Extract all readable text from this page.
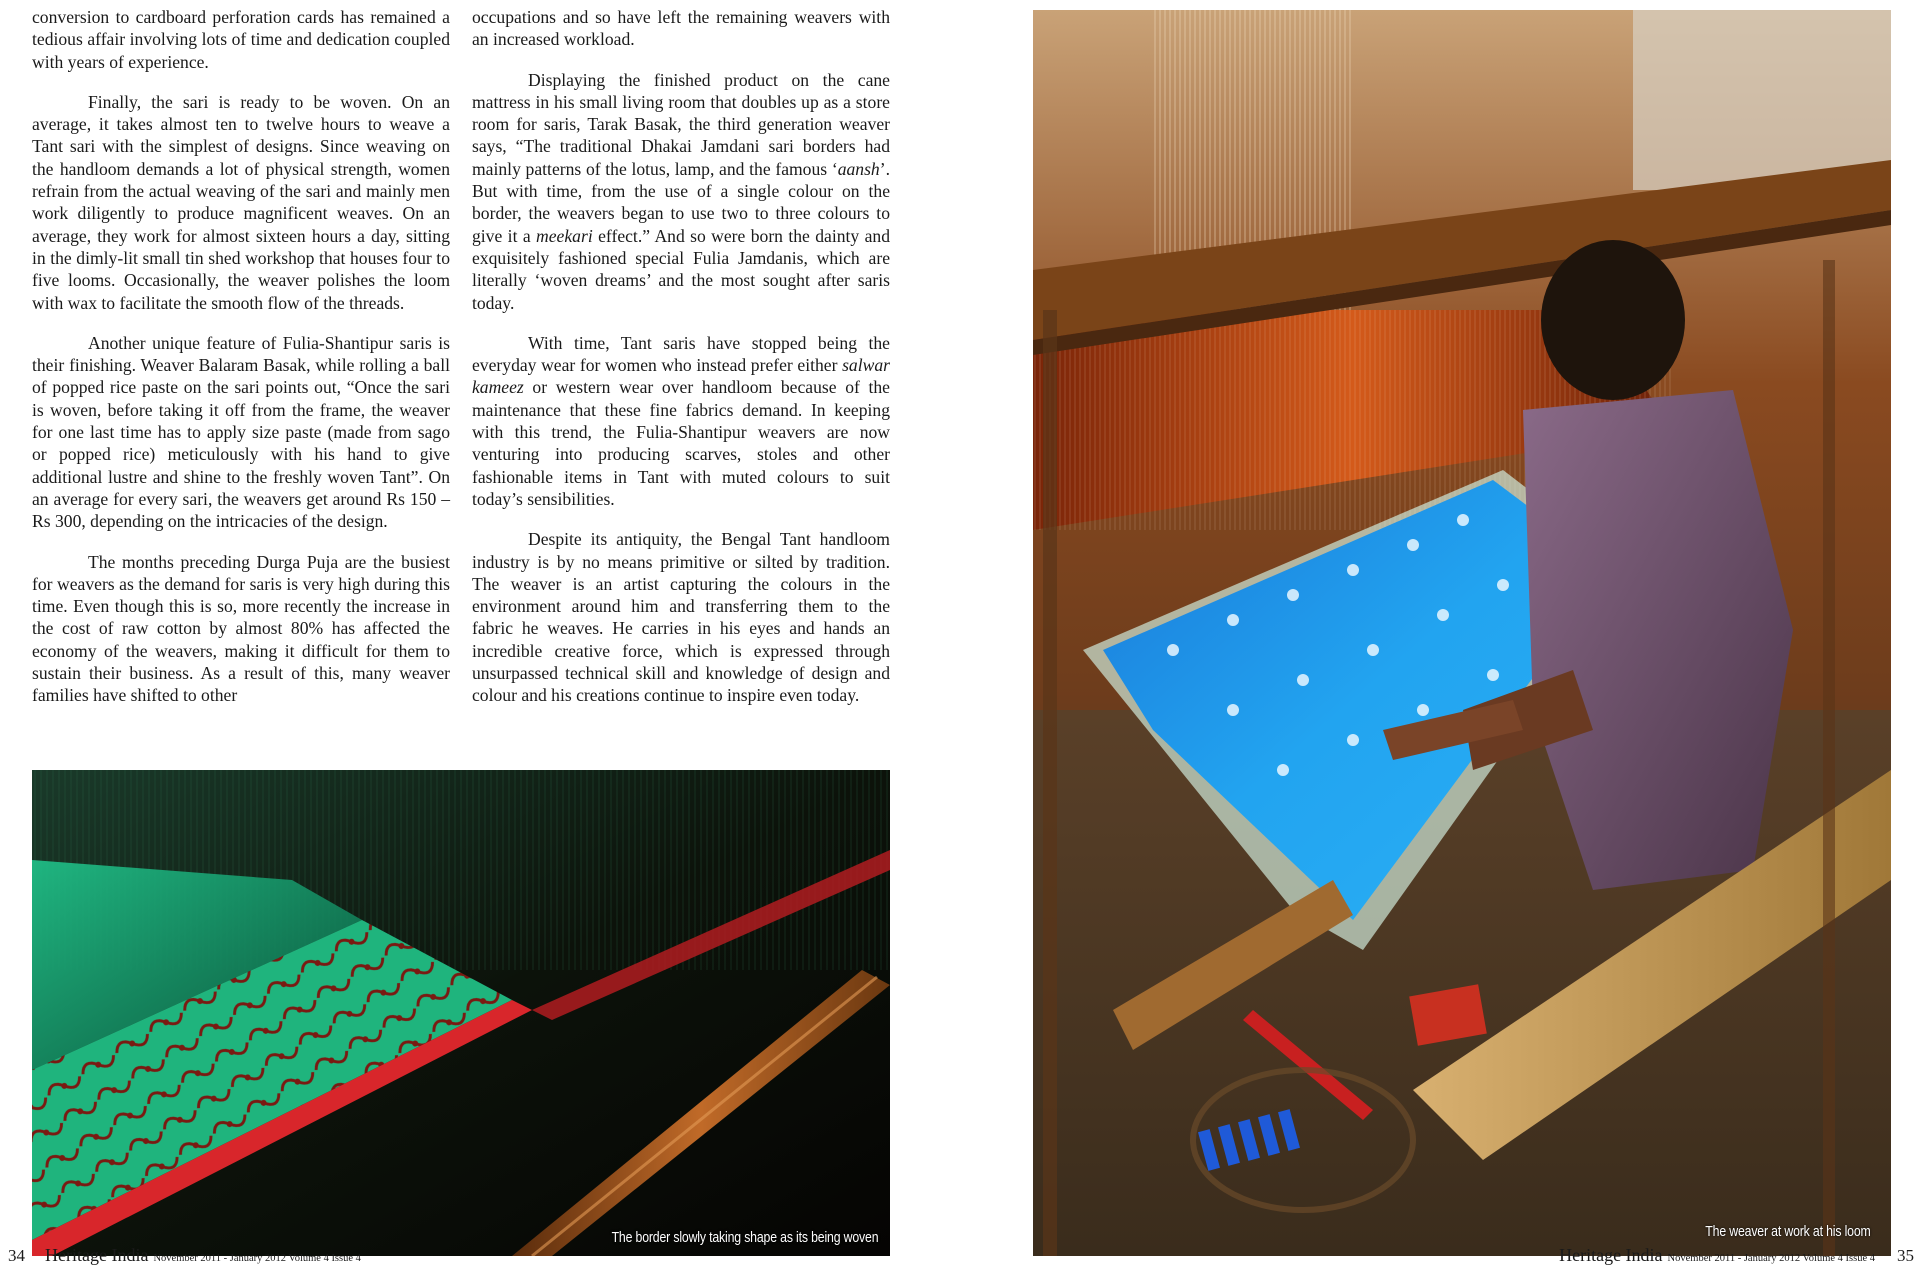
conversion to cardboard perforation cards has remained a tedious affair involving lots of time and dedication coupled with years of experience.

Finally, the sari is ready to be woven. On an average, it takes almost ten to twelve hours to weave a Tant sari with the simplest of designs. Since weaving on the handloom demands a lot of physical strength, women refrain from the actual weaving of the sari and mainly men work diligently to produce magnificent weaves. On an average, they work for almost sixteen hours a day, sitting in the dimly-lit small tin shed workshop that houses four to five looms. Occasionally, the weaver polishes the loom with wax to facilitate the smooth flow of the threads.

Another unique feature of Fulia-Shantipur saris is their finishing. Weaver Balaram Basak, while rolling a ball of popped rice paste on the sari points out, “Once the sari is woven, before taking it off from the frame, the weaver for one last time has to apply size paste (made from sago or popped rice) meticulously with his hand to give additional lustre and shine to the freshly woven Tant”. On an average for every sari, the weavers get around Rs 150 – Rs 300, depending on the intricacies of the design.

The months preceding Durga Puja are the busiest for weavers as the demand for saris is very high during this time. Even though this is so, more recently the increase in the cost of raw cotton by almost 80% has affected the economy of the weavers, making it difficult for them to sustain their business. As a result of this, many weaver families have shifted to other

occupations and so have left the remaining weavers with an increased workload.

Displaying the finished product on the cane mattress in his small living room that doubles up as a store room for saris, Tarak Basak, the third generation weaver says, “The traditional Dhakai Jamdani sari borders had mainly patterns of the lotus, lamp, and the famous ‘aansh’. But with time, from the use of a single colour on the border, the weavers began to use two to three colours to give it a meekari effect.” And so were born the dainty and exquisitely fashioned special Fulia Jamdanis, which are literally ‘woven dreams’ and the most sought after saris today.

With time, Tant saris have stopped being the everyday wear for women who instead prefer either salwar kameez or western wear over handloom because of the maintenance that these fine fabrics demand. In keeping with this trend, the Fulia-Shantipur weavers are now venturing into producing scarves, stoles and other fashionable items in Tant with muted colours to suit today’s sensibilities.

Despite its antiquity, the Bengal Tant handloom industry is by no means primitive or silted by tradition. The weaver is an artist capturing the colours in the environment around him and transferring them to the fabric he weaves. He carries in his eyes and hands an incredible creative force, which is expressed through unsurpassed technical skill and knowledge of design and colour and his creations continue to inspire even today.

The border slowly taking shape as its being woven
34 Heritage India November 2011 - January 2012 Volume 4 Issue 4
The weaver at work at his loom
Heritage India November 2011 - January 2012 Volume 4 Issue 4 35
